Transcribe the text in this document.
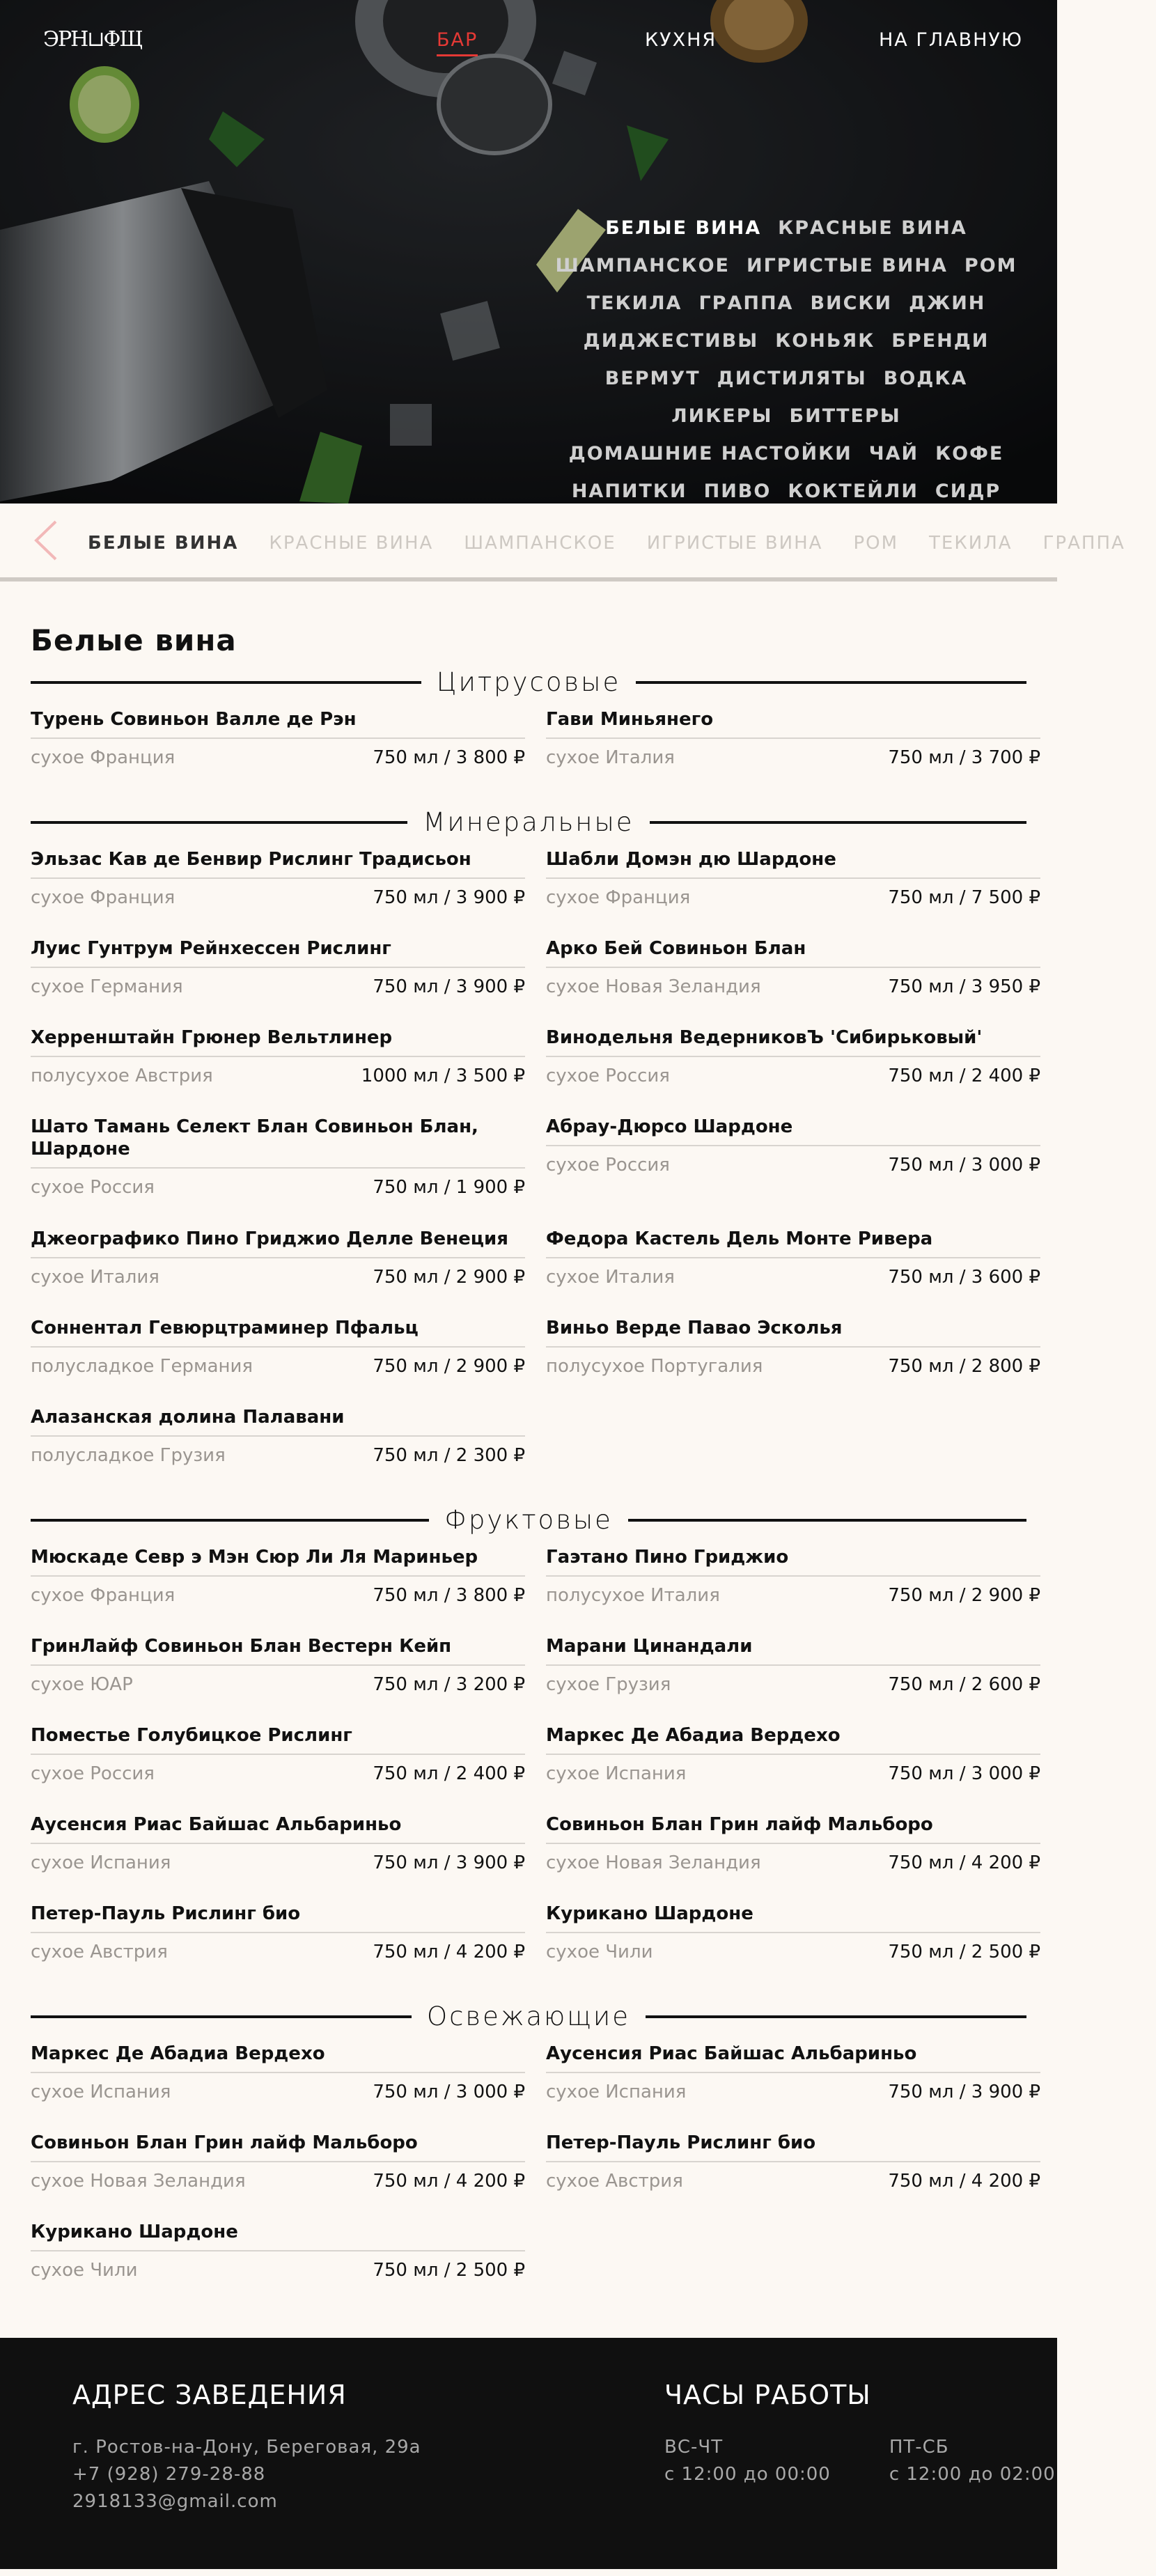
ЭРН⊔ФЩ	БАР	КУХНЯ	НА ГЛАВНУЮ
БЕЛЫЕ ВИНА КРАСНЫЕ ВИНАШАМПАНСКОЕ ИГРИСТЫЕ ВИНА РОМТЕКИЛА ГРАППА ВИСКИ ДЖИНДИДЖЕСТИВЫ КОНЬЯК БРЕНДИВЕРМУТ ДИСТИЛЯТЫ ВОДКАЛИКЕРЫ БИТТЕРЫДОМАШНИЕ НАСТОЙКИ ЧАЙ КОФЕНАПИТКИ ПИВО КОКТЕЙЛИ СИДР
БЕЛЫЕ ВИНА КРАСНЫЕ ВИНА ШАМПАНСКОЕ ИГРИСТЫЕ ВИНА РОМ ТЕКИЛА ГРАППА
Белые вина
Цитрусовые
Турень Совиньон Валле де Рэн
сухое Франция	750 мл / 3 800 ₽
Гави Миньянего
сухое Италия	750 мл / 3 700 ₽
Минеральные
Эльзас Кав де Бенвир Рислинг Традисьон
сухое Франция	750 мл / 3 900 ₽
Шабли Домэн дю Шардоне
сухое Франция	750 мл / 7 500 ₽
Луис Гунтрум Рейнхессен Рислинг
сухое Германия	750 мл / 3 900 ₽
Арко Бей Совиньон Блан
сухое Новая Зеландия	750 мл / 3 950 ₽
Херренштайн Грюнер Вельтлинер
полусухое Австрия	1000 мл / 3 500 ₽
Винодельня ВедерниковЪ 'Сибирьковый'
сухое Россия	750 мл / 2 400 ₽
Шато Тамань Селект Блан Совиньон Блан, Шардоне
сухое Россия	750 мл / 1 900 ₽
Абрау-Дюрсо Шардоне
сухое Россия	750 мл / 3 000 ₽
Джеографико Пино Гриджио Делле Венеция
сухое Италия	750 мл / 2 900 ₽
Федора Кастель Дель Монте Ривера
сухое Италия	750 мл / 3 600 ₽
Соннентал Гевюрцтраминер Пфальц
полусладкое Германия	750 мл / 2 900 ₽
Виньо Верде Павао Эсколья
полусухое Португалия	750 мл / 2 800 ₽
Алазанская долина Палавани
полусладкое Грузия	750 мл / 2 300 ₽
Фруктовые
Мюскаде Севр э Мэн Сюр Ли Ля Мариньер
сухое Франция	750 мл / 3 800 ₽
Гаэтано Пино Гриджио
полусухое Италия	750 мл / 2 900 ₽
ГринЛайф Совиньон Блан Вестерн Кейп
сухое ЮАР	750 мл / 3 200 ₽
Марани Цинандали
сухое Грузия	750 мл / 2 600 ₽
Поместье Голубицкое Рислинг
сухое Россия	750 мл / 2 400 ₽
Маркес Де Абадиа Вердехо
сухое Испания	750 мл / 3 000 ₽
Аусенсия Риас Байшас Альбариньо
сухое Испания	750 мл / 3 900 ₽
Совиньон Блан Грин лайф Мальборо
сухое Новая Зеландия	750 мл / 4 200 ₽
Петер-Пауль Рислинг био
сухое Австрия	750 мл / 4 200 ₽
Курикано Шардоне
сухое Чили	750 мл / 2 500 ₽
Освежающие
Маркес Де Абадиа Вердехо
сухое Испания	750 мл / 3 000 ₽
Аусенсия Риас Байшас Альбариньо
сухое Испания	750 мл / 3 900 ₽
Совиньон Блан Грин лайф Мальборо
сухое Новая Зеландия	750 мл / 4 200 ₽
Петер-Пауль Рислинг био
сухое Австрия	750 мл / 4 200 ₽
Курикано Шардоне
сухое Чили	750 мл / 2 500 ₽
АДРЕС ЗАВЕДЕНИЯ
г. Ростов-на-Дону, Береговая, 29а
+7 (928) 279-28-88
2918133@gmail.com
ЧАСЫ РАБОТЫ
ВС-ЧТ
с 12:00 до 00:00
ПТ-СБ
с 12:00 до 02:00
